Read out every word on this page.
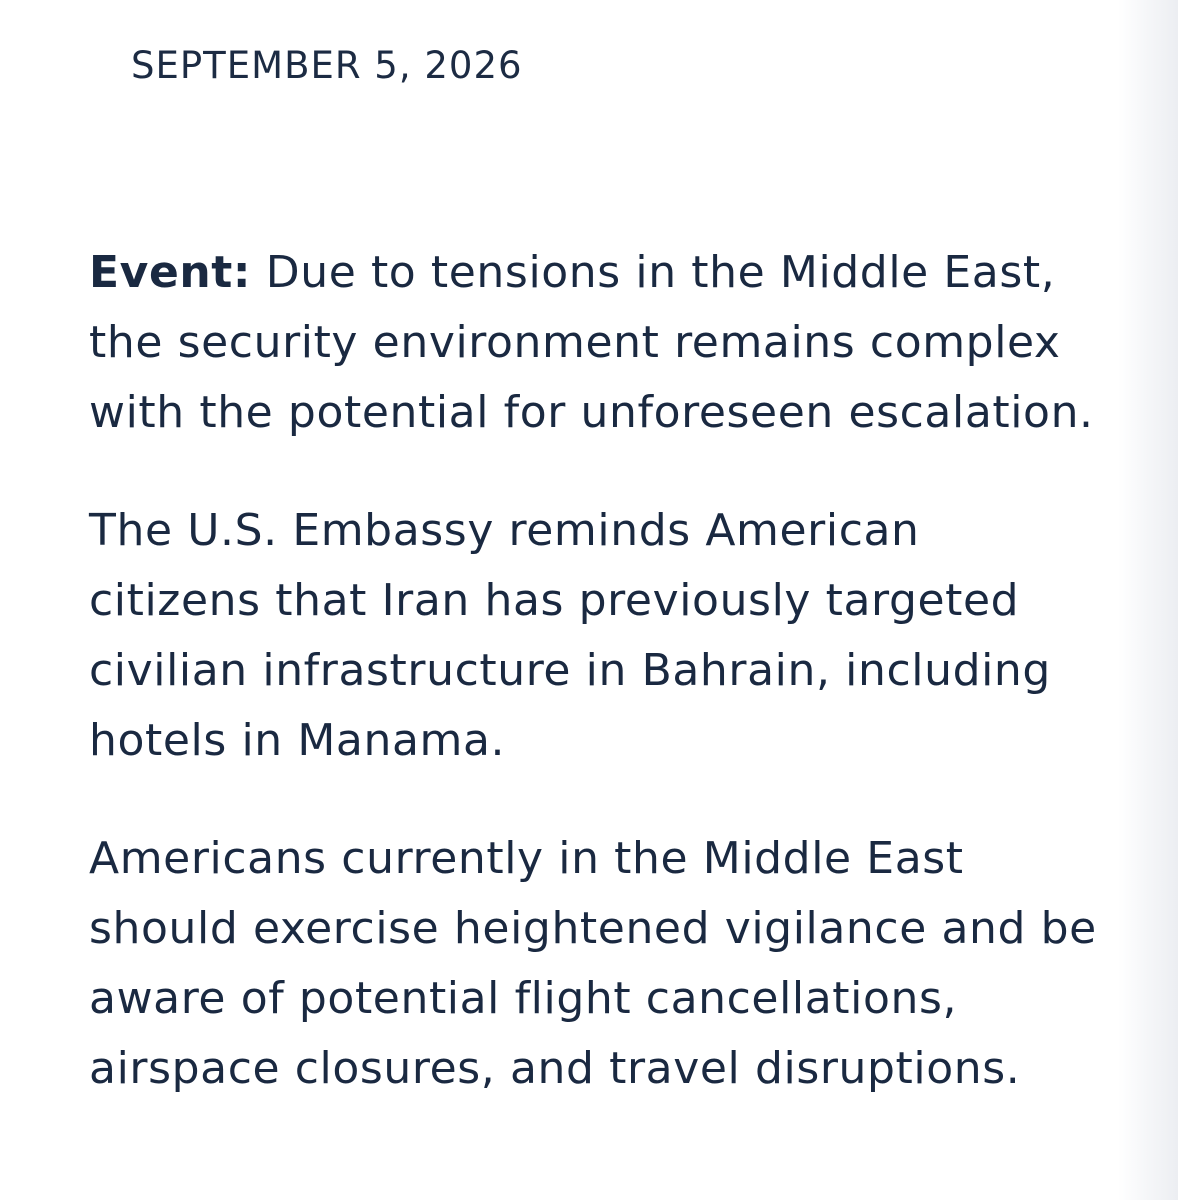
SEPTEMBER 5, 2026

Event: Due to tensions in the Middle East, the security environment remains complex with the potential for unforeseen escalation.

The U.S. Embassy reminds American citizens that Iran has previously targeted civilian infrastructure in Bahrain, including hotels in Manama.

Americans currently in the Middle East should exercise heightened vigilance and be aware of potential flight cancellations, airspace closures, and travel disruptions.
